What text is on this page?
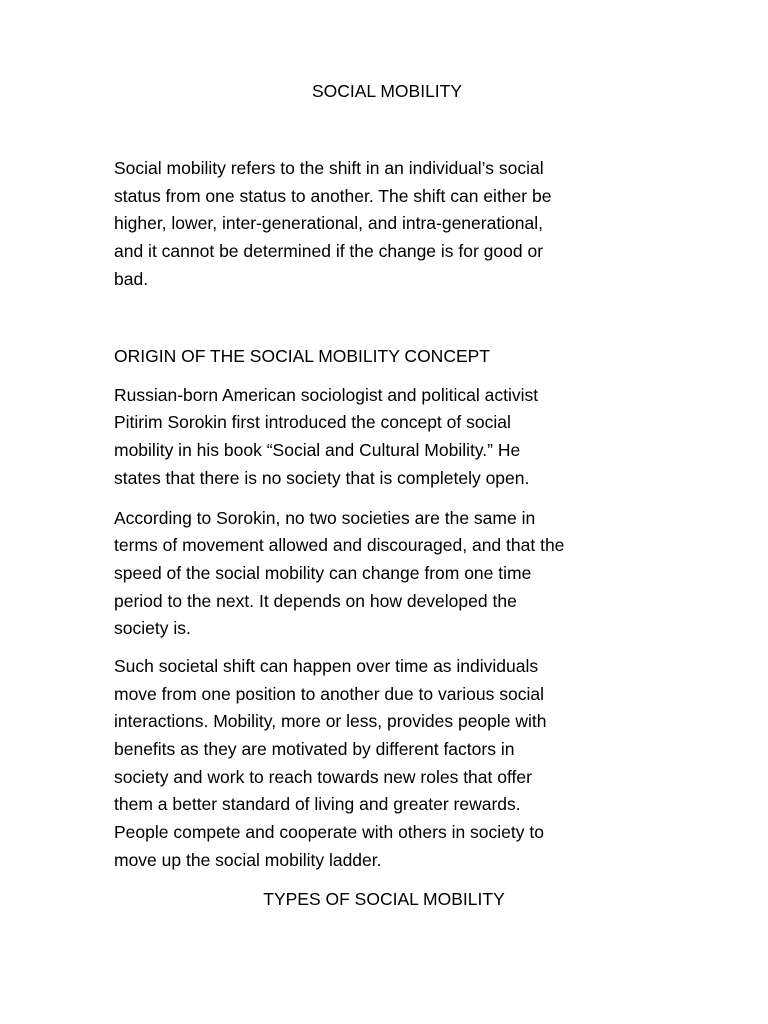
SOCIAL MOBILITY
Social mobility refers to the shift in an individual’s social
status from one status to another. The shift can either be
higher, lower, inter-generational, and intra-generational,
and it cannot be determined if the change is for good or
bad.
ORIGIN OF THE SOCIAL MOBILITY CONCEPT
Russian-born American sociologist and political activist
Pitirim Sorokin first introduced the concept of social
mobility in his book “Social and Cultural Mobility.” He
states that there is no society that is completely open.
According to Sorokin, no two societies are the same in
terms of movement allowed and discouraged, and that the
speed of the social mobility can change from one time
period to the next. It depends on how developed the
society is.
Such societal shift can happen over time as individuals
move from one position to another due to various social
interactions. Mobility, more or less, provides people with
benefits as they are motivated by different factors in
society and work to reach towards new roles that offer
them a better standard of living and greater rewards.
People compete and cooperate with others in society to
move up the social mobility ladder.
TYPES OF SOCIAL MOBILITY
